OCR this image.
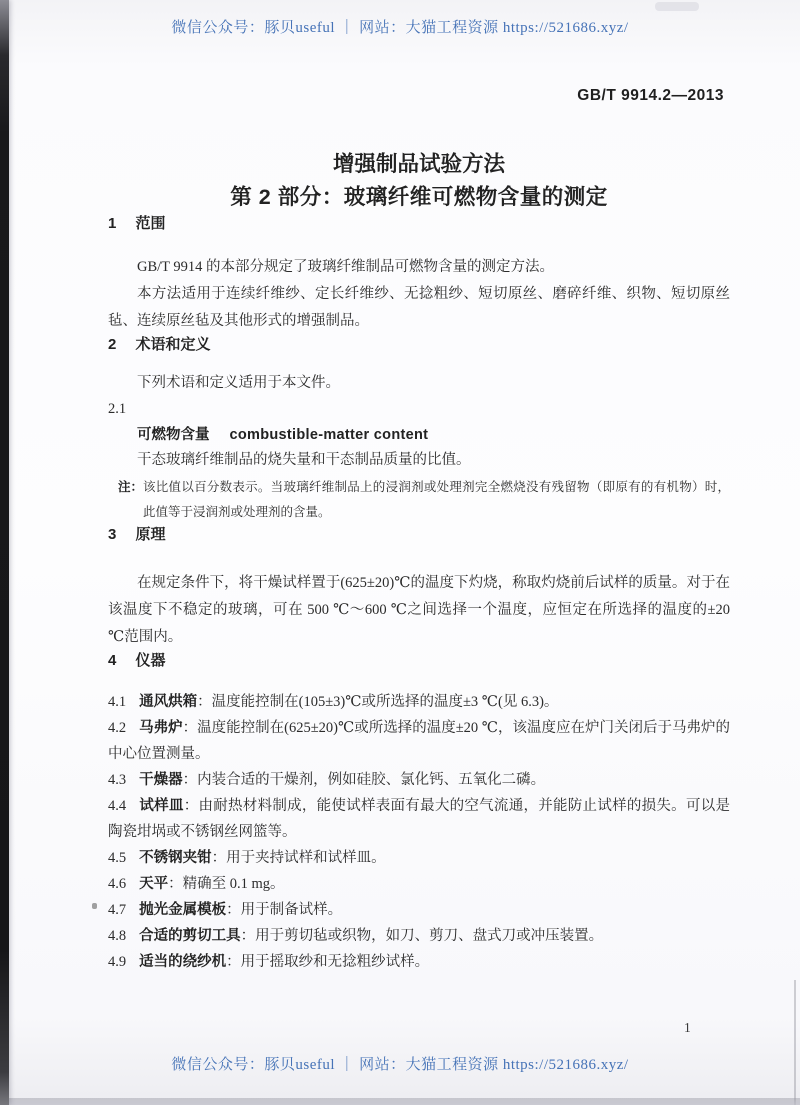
微信公众号：豚贝useful ｜ 网站：大猫工程资源 https://521686.xyz/
GB/T 9914.2—2013
增强制品试验方法
第 2 部分：玻璃纤维可燃物含量的测定
1 范围

GB/T 9914 的本部分规定了玻璃纤维制品可燃物含量的测定方法。

本方法适用于连续纤维纱、定长纤维纱、无捻粗纱、短切原丝、磨碎纤维、织物、短切原丝毡、连续原丝毡及其他形式的增强制品。

2 术语和定义

下列术语和定义适用于本文件。

2.1

可燃物含量 combustible-matter content

干态玻璃纤维制品的烧失量和干态制品质量的比值。

注： 该比值以百分数表示。当玻璃纤维制品上的浸润剂或处理剂完全燃烧没有残留物（即原有的有机物）时，此值等于浸润剂或处理剂的含量。
3 原理

在规定条件下，将干燥试样置于(625±20)℃的温度下灼烧，称取灼烧前后试样的质量。对于在该温度下不稳定的玻璃，可在 500 ℃～600 ℃之间选择一个温度，应恒定在所选择的温度的±20 ℃范围内。

4 仪器

4.1 通风烘箱：温度能控制在(105±3)℃或所选择的温度±3 ℃(见 6.3)。

4.2 马弗炉：温度能控制在(625±20)℃或所选择的温度±20 ℃，该温度应在炉门关闭后于马弗炉的中心位置测量。

4.3 干燥器：内装合适的干燥剂，例如硅胶、氯化钙、五氧化二磷。

4.4 试样皿：由耐热材料制成，能使试样表面有最大的空气流通，并能防止试样的损失。可以是陶瓷坩埚或不锈钢丝网篮等。

4.5 不锈钢夹钳：用于夹持试样和试样皿。

4.6 天平：精确至 0.1 mg。

4.7 抛光金属模板：用于制备试样。

4.8 合适的剪切工具：用于剪切毡或织物，如刀、剪刀、盘式刀或冲压装置。

4.9 适当的绕纱机：用于摇取纱和无捻粗纱试样。

1
微信公众号：豚贝useful ｜ 网站：大猫工程资源 https://521686.xyz/
